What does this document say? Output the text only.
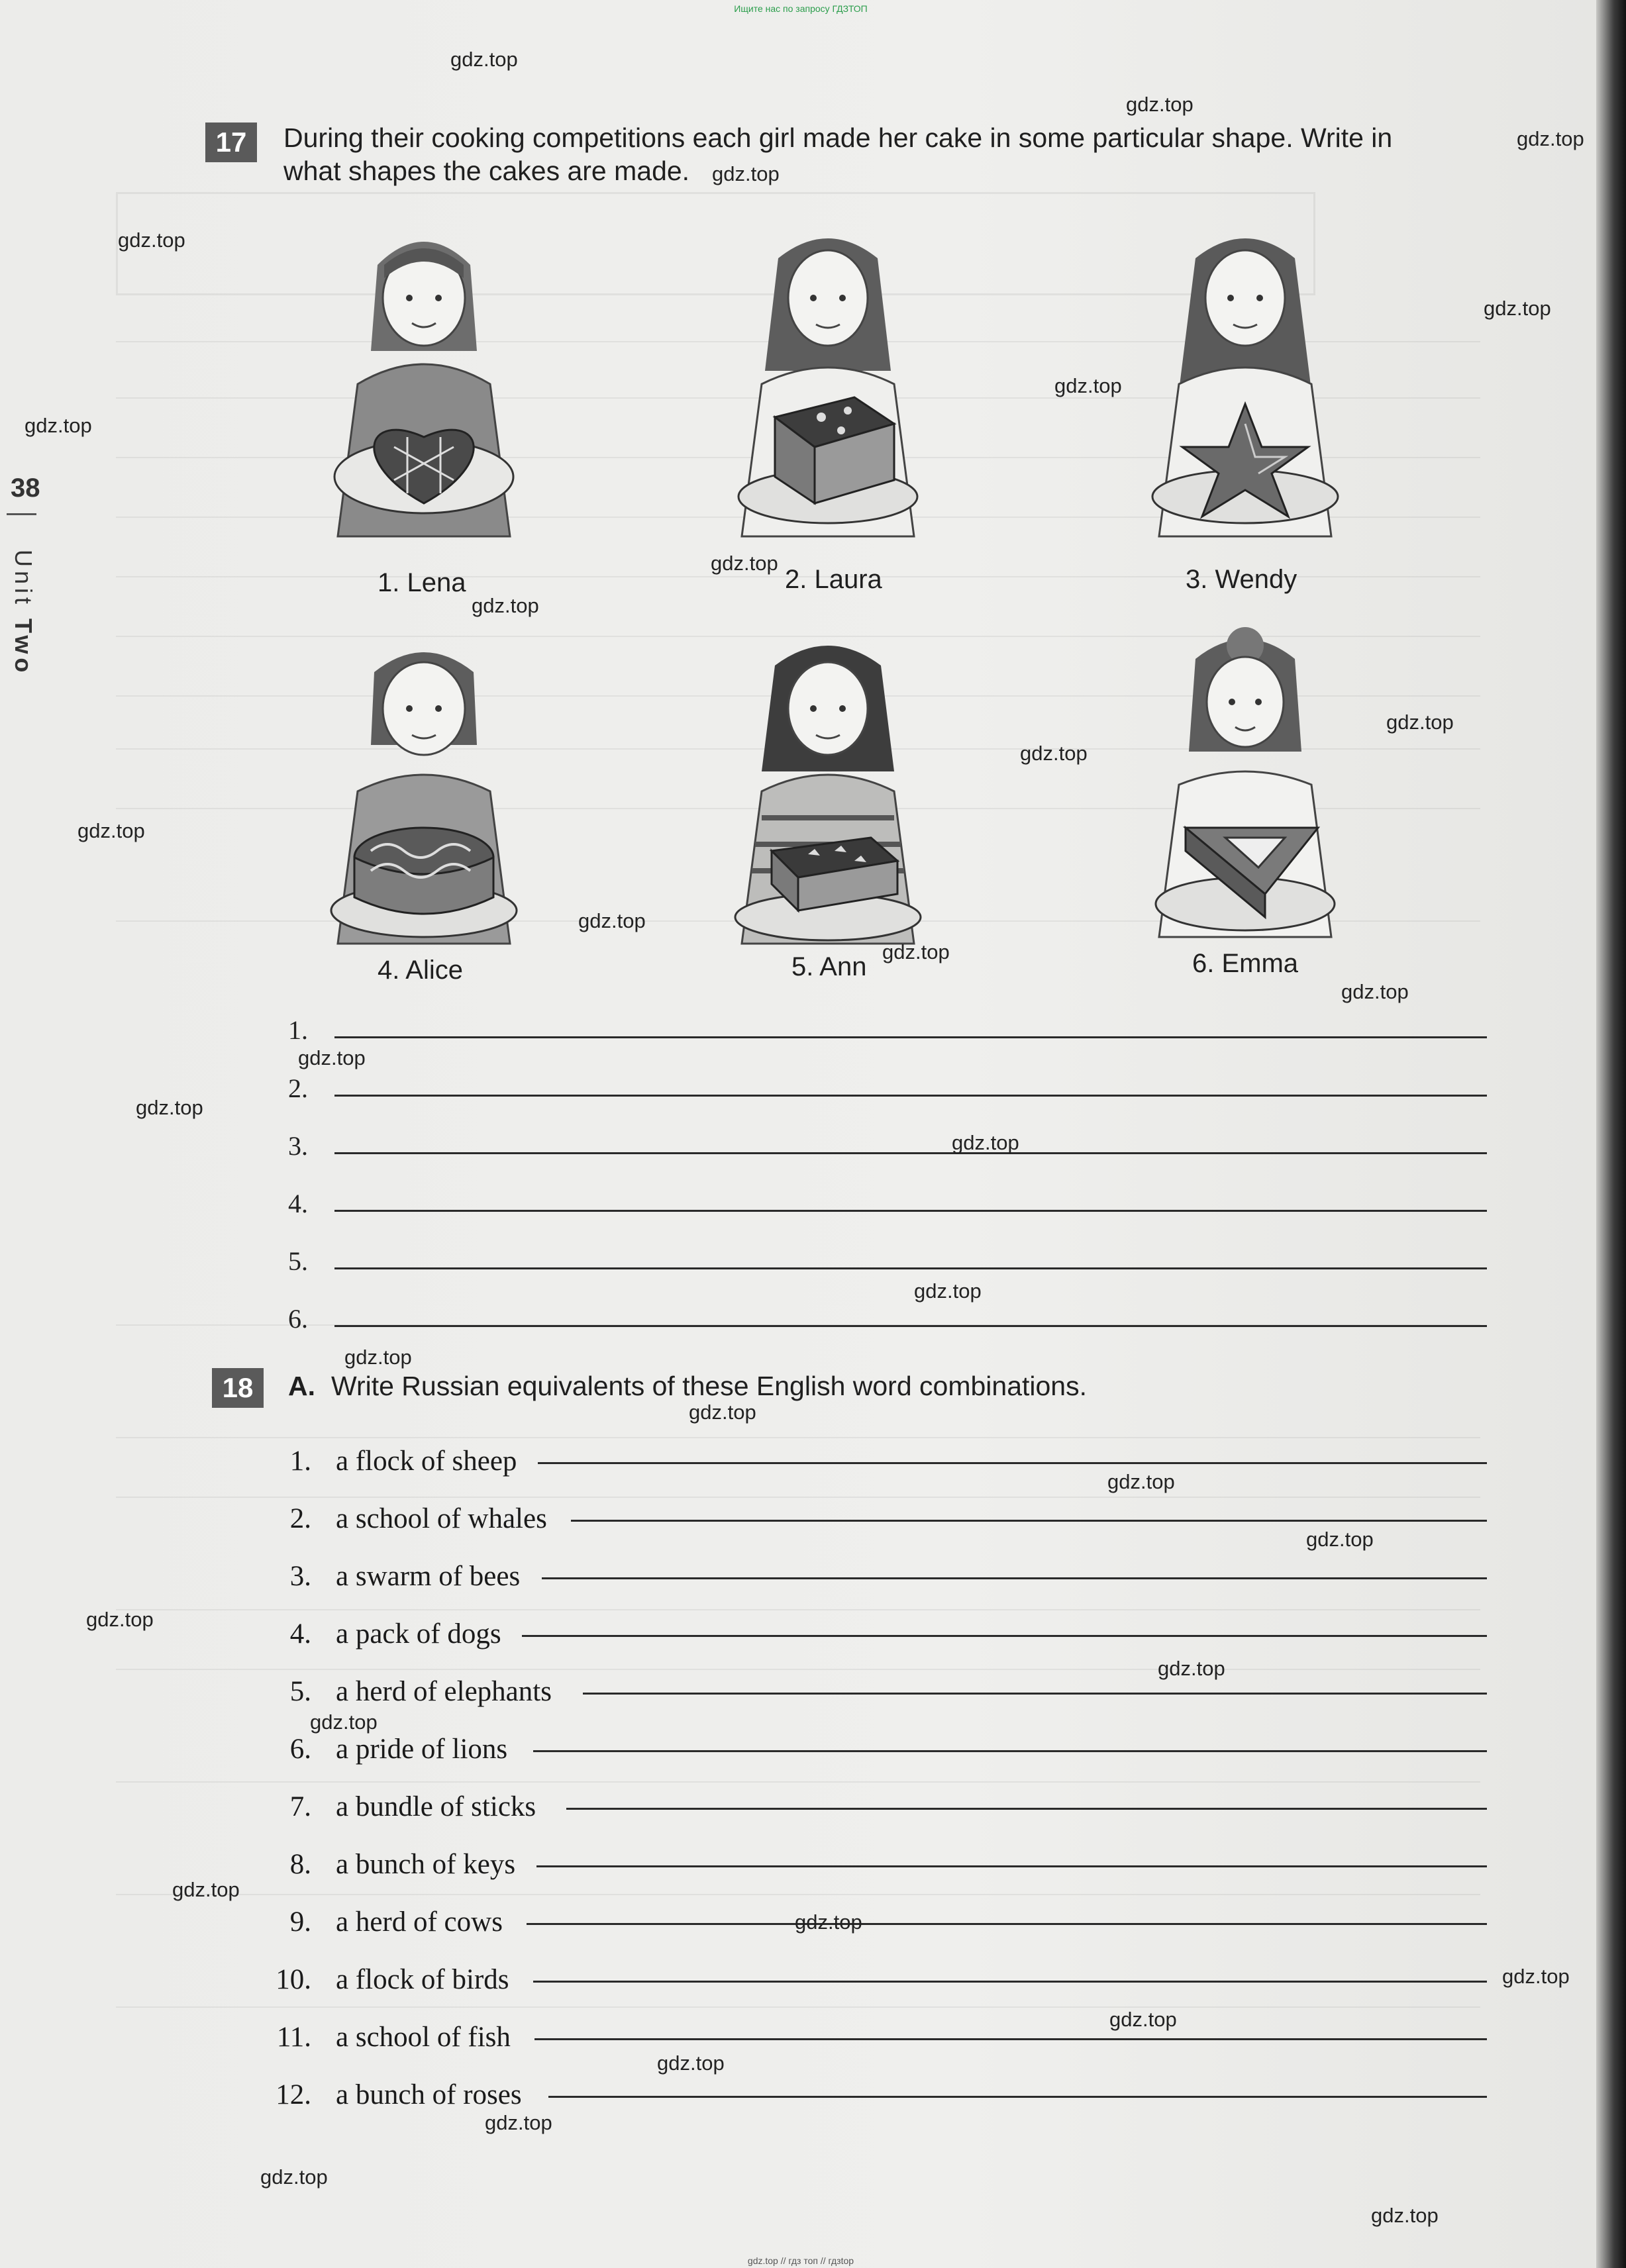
Ищите нас по запросу ГДЗТОП
gdz.top // гдз топ // гдзtop
38
Unit Two
17	During their cooking competitions each girl made her cake in some particular shape. Write in
what shapes the cakes are made.
1. Lena	2. Laura	3. Wendy
4. Alice	5. Ann	6. Emma
1.
2.
3.
4.
5.
6.
18	A. Write Russian equivalents of these English word combinations.
1. a flock of sheep
2. a school of whales
3. a swarm of bees
4. a pack of dogs
5. a herd of elephants
6. a pride of lions
7. a bundle of sticks
8. a bunch of keys
9. a herd of cows
10. a flock of birds
11. a school of fish
12. a bunch of roses
gdz.top
gdz.top
gdz.top
gdz.top
gdz.top
gdz.top
gdz.top
gdz.top
gdz.top
gdz.top
gdz.top
gdz.top
gdz.top
gdz.top
gdz.top
gdz.top
gdz.top
gdz.top
gdz.top
gdz.top
gdz.top
gdz.top
gdz.top
gdz.top
gdz.top
gdz.top
gdz.top
gdz.top
gdz.top
gdz.top
gdz.top
gdz.top
gdz.top
gdz.top
gdz.top
